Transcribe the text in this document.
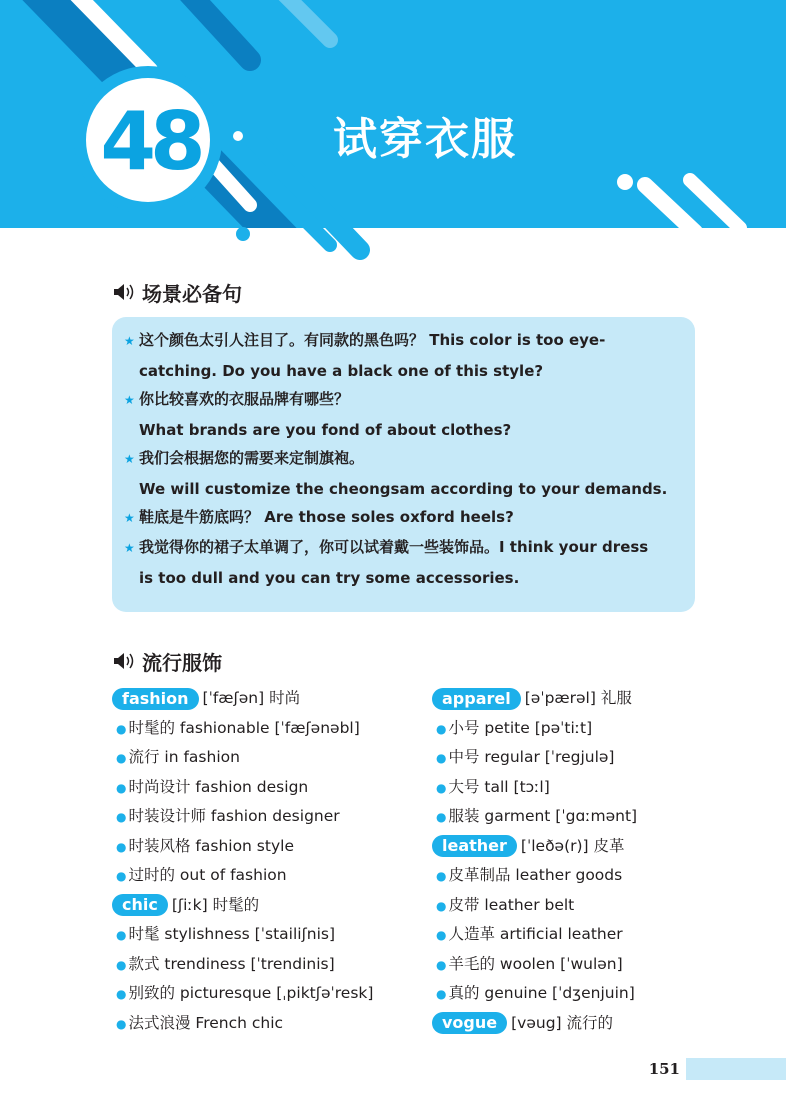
48	试穿衣服
场景必备句
★ 这个颜色太引人注目了。有同款的黑色吗？ This color is too eye-
catching. Do you have a black one of this style?
★ 你比较喜欢的衣服品牌有哪些？
What brands are you fond of about clothes?
★ 我们会根据您的需要来定制旗袍。
We will customize the cheongsam according to your demands.
★ 鞋底是牛筋底吗？ Are those soles oxford heels?
★ 我觉得你的裙子太单调了，你可以试着戴一些装饰品。I think your dress
is too dull and you can try some accessories.
流行服饰
fashion [ˈfæʃən] 时尚
● 时髦的 fashionable [ˈfæʃənəbl]
● 流行 in fashion
● 时尚设计 fashion design
● 时装设计师 fashion designer
● 时装风格 fashion style
● 过时的 out of fashion
chic [ʃiːk] 时髦的
● 时髦 stylishness [ˈstailiʃnis]
● 款式 trendiness [ˈtrendinis]
● 别致的 picturesque [ˌpiktʃəˈresk]
● 法式浪漫 French chic
apparel [əˈpærəl] 礼服
● 小号 petite [pəˈtiːt]
● 中号 regular [ˈregjulə]
● 大号 tall [tɔːl]
● 服装 garment [ˈgɑːmənt]
leather [ˈleðə(r)] 皮革
● 皮革制品 leather goods
● 皮带 leather belt
● 人造革 artificial leather
● 羊毛的 woolen [ˈwulən]
● 真的 genuine [ˈdʒenjuin]
vogue [vəug] 流行的
151
